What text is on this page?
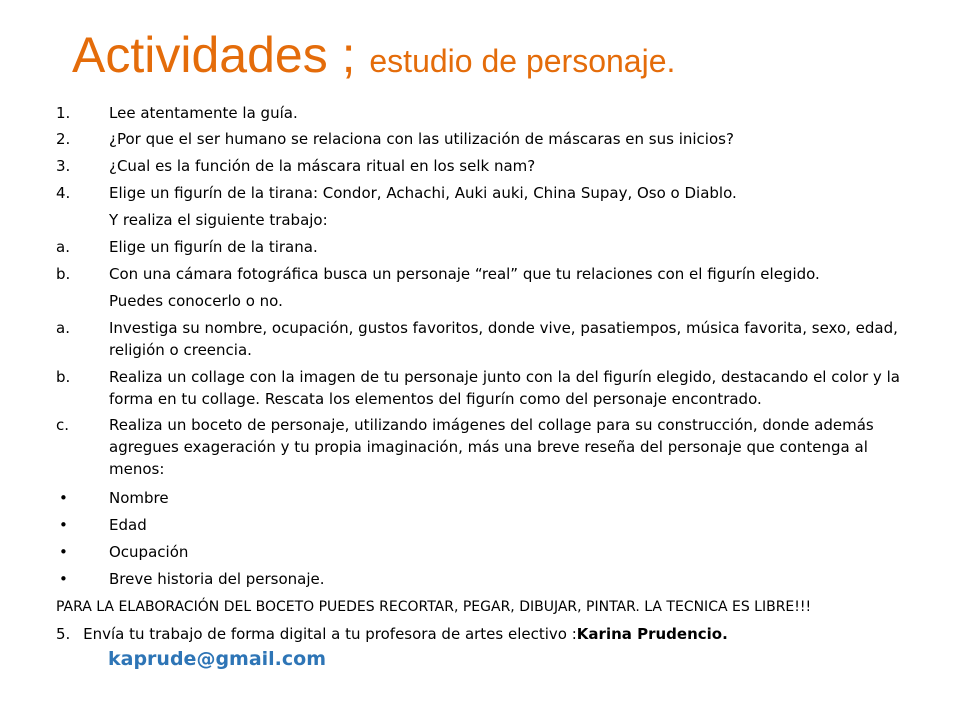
Actividades ; estudio de personaje.
1.	Lee atentamente la guía.
2.	¿Por que el ser humano se relaciona con las utilización de máscaras en sus inicios?
3.	¿Cual es la función de la máscara ritual en los selk nam?
4.	Elige un figurín de la tirana: Condor, Achachi, Auki auki, China Supay, Oso o Diablo.
Y realiza el siguiente trabajo:
a.	Elige un figurín de la tirana.
b.	Con una cámara fotográfica busca un personaje “real” que tu relaciones con el figurín elegido.
Puedes conocerlo o no.
a.	Investiga su nombre, ocupación, gustos favoritos, donde vive, pasatiempos, música favorita, sexo, edad, religión o creencia.
b.	Realiza un collage con la imagen de tu personaje junto con la del figurín elegido, destacando el color y la forma en tu collage. Rescata los elementos del figurín como del personaje encontrado.
c.	Realiza un boceto de personaje, utilizando imágenes del collage para su construcción, donde además agregues exageración y tu propia imaginación, más una breve reseña del personaje que contenga al menos:
•	Nombre
•	Edad
•	Ocupación
•	Breve historia del personaje.
PARA LA ELABORACIÓN DEL BOCETO PUEDES RECORTAR, PEGAR, DIBUJAR, PINTAR. LA TECNICA ES LIBRE!!!
5. Envía tu trabajo de forma digital a tu profesora de artes electivo :Karina Prudencio.
kaprude@gmail.com
